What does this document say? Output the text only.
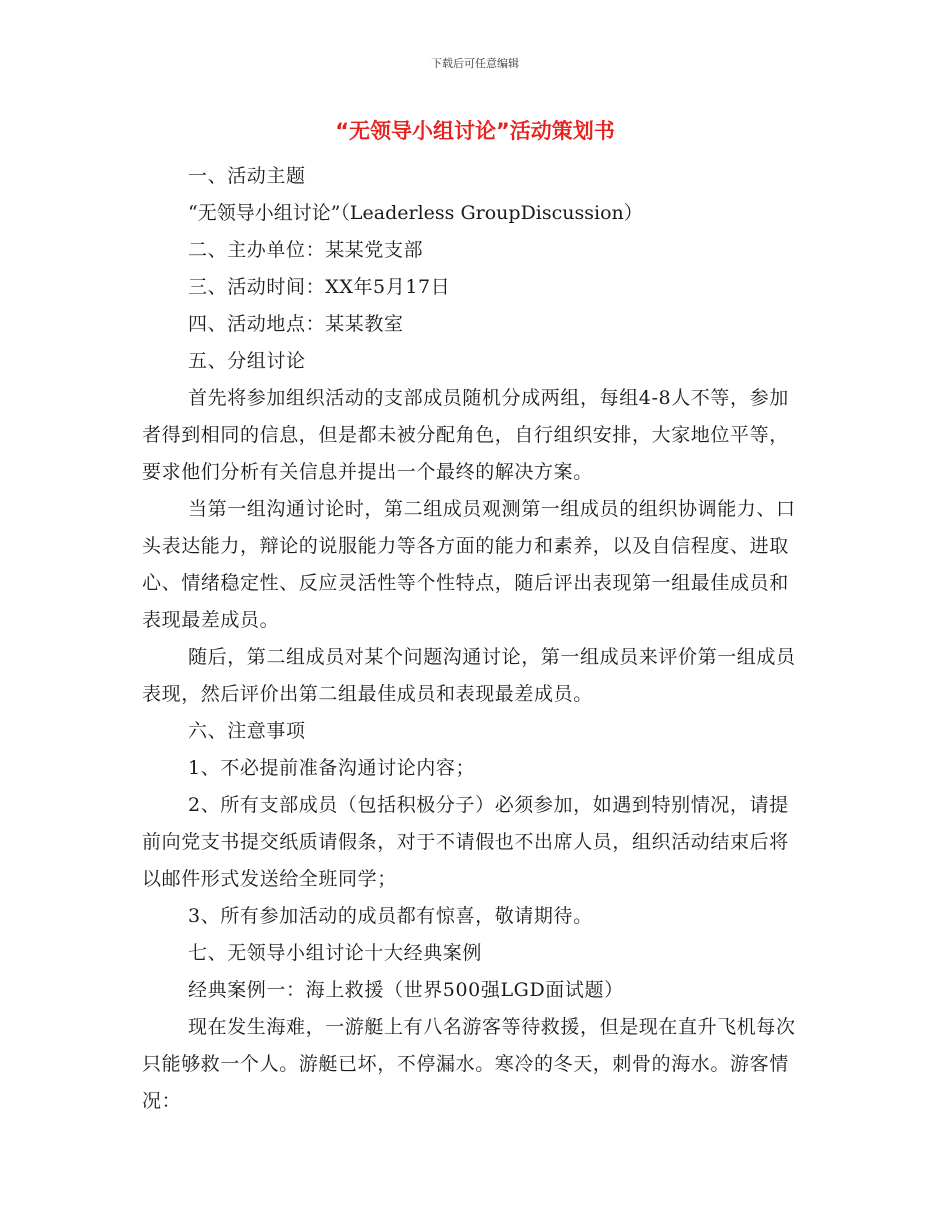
下载后可任意编辑
“无领导小组讨论”活动策划书

一、活动主题

“无领导小组讨论”（Leaderless GroupDiscussion）

二、主办单位：某某党支部

三、活动时间：XX年5月17日

四、活动地点：某某教室

五、分组讨论

首先将参加组织活动的支部成员随机分成两组，每组4-8人不等，参加者得到相同的信息，但是都未被分配角色，自行组织安排，大家地位平等，要求他们分析有关信息并提出一个最终的解决方案。

当第一组沟通讨论时，第二组成员观测第一组成员的组织协调能力、口头表达能力，辩论的说服能力等各方面的能力和素养，以及自信程度、进取心、情绪稳定性、反应灵活性等个性特点，随后评出表现第一组最佳成员和表现最差成员。

随后，第二组成员对某个问题沟通讨论，第一组成员来评价第一组成员表现，然后评价出第二组最佳成员和表现最差成员。

六、注意事项

1、不必提前准备沟通讨论内容；

2、所有支部成员（包括积极分子）必须参加，如遇到特别情况，请提前向党支书提交纸质请假条，对于不请假也不出席人员，组织活动结束后将以邮件形式发送给全班同学；

3、所有参加活动的成员都有惊喜，敬请期待。

七、无领导小组讨论十大经典案例

经典案例一：海上救援（世界500强LGD面试题）

现在发生海难，一游艇上有八名游客等待救援，但是现在直升飞机每次只能够救一个人。游艇已坏，不停漏水。寒冷的冬天，刺骨的海水。游客情况：
